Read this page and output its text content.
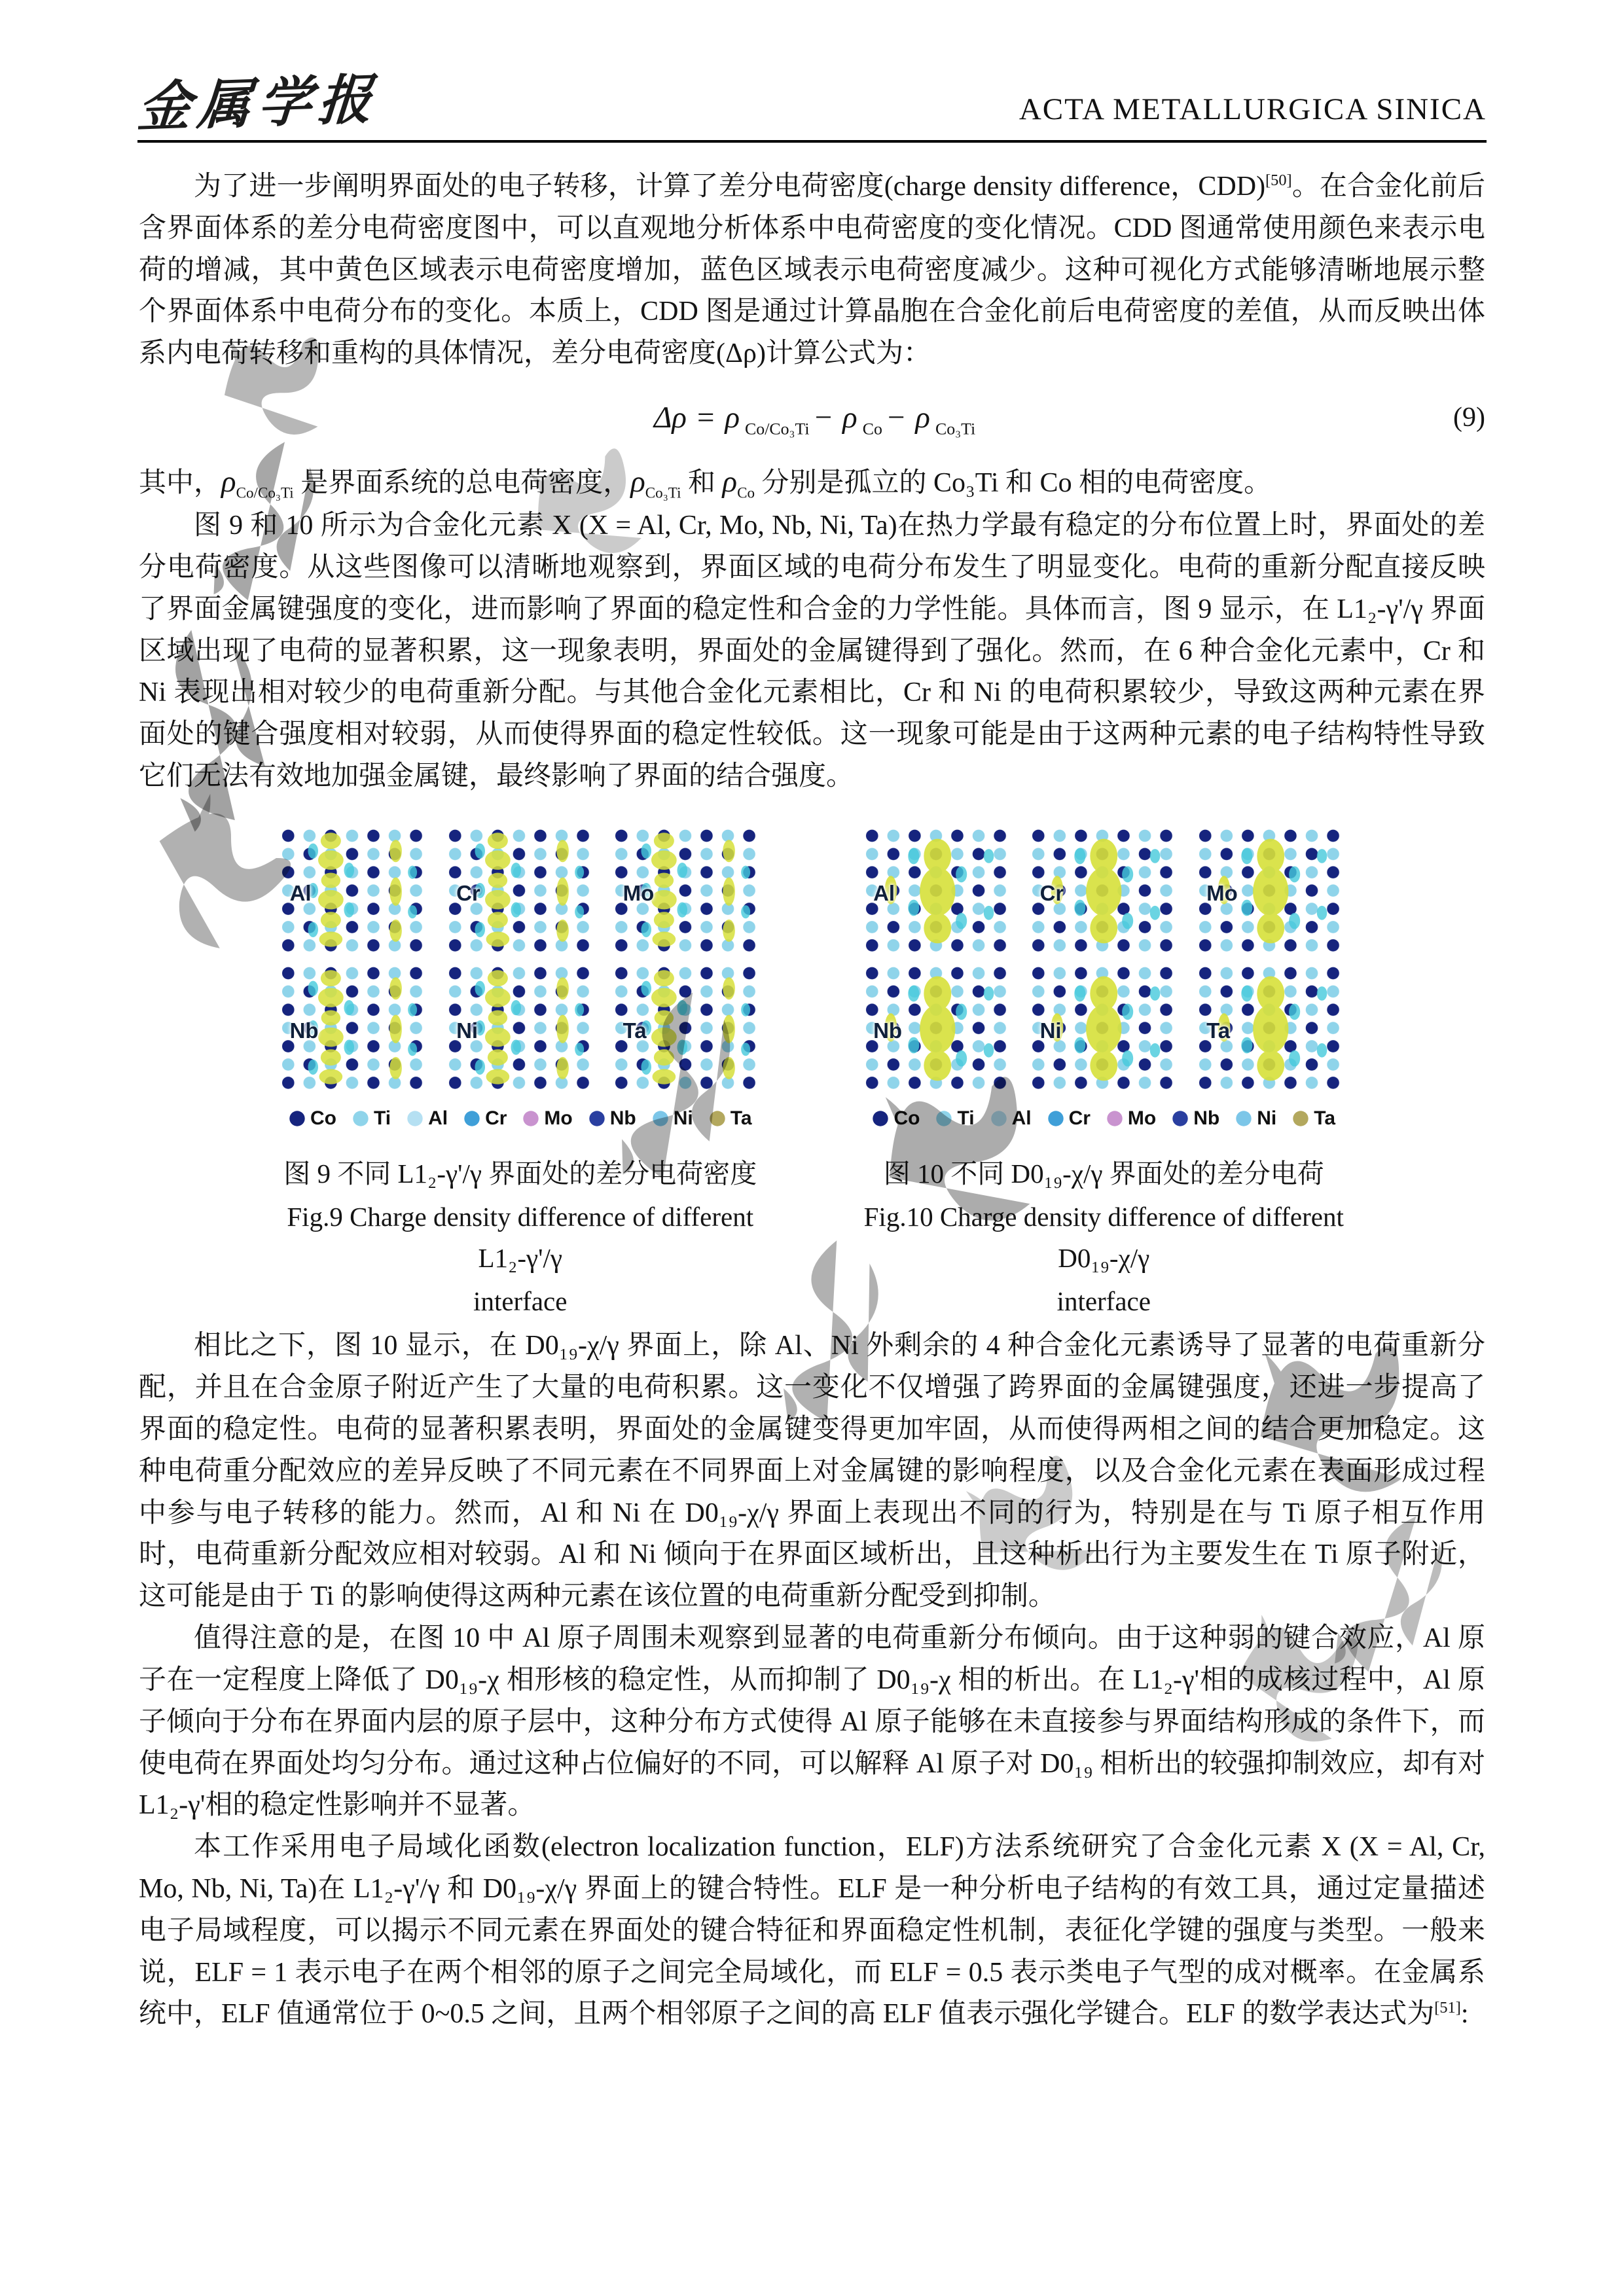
金属学报	ACTA METALLURGICA SINICA

为了进一步阐明界面处的电子转移，计算了差分电荷密度(charge density difference，CDD)[50]。在合金化前后含界面体系的差分电荷密度图中，可以直观地分析体系中电荷密度的变化情况。CDD 图通常使用颜色来表示电荷的增减，其中黄色区域表示电荷密度增加，蓝色区域表示电荷密度减少。这种可视化方式能够清晰地展示整个界面体系中电荷分布的变化。本质上，CDD 图是通过计算晶胞在合金化前后电荷密度的差值，从而反映出体系内电荷转移和重构的具体情况，差分电荷密度(Δρ)计算公式为：

Δρ = ρ $_{Co/Co_3Ti}$ − ρ $_{Co}$ − ρ $_{Co_3Ti}$	(9)

其中，$\rho_{Co/Co_3Ti}$ 是界面系统的总电荷密度，$\rho_{Co_3Ti}$ 和 $\rho_{Co}$ 分别是孤立的 Co₃Ti 和 Co 相的电荷密度。

图 9 和 10 所示为合金化元素 X (X = Al, Cr, Mo, Nb, Ni, Ta)在热力学最有稳定的分布位置上时，界面处的差分电荷密度。从这些图像可以清晰地观察到，界面区域的电荷分布发生了明显变化。电荷的重新分配直接反映了界面金属键强度的变化，进而影响了界面的稳定性和合金的力学性能。具体而言，图 9 显示，在 L1₂-γ'/γ 界面区域出现了电荷的显著积累，这一现象表明，界面处的金属键得到了强化。然而，在 6 种合金化元素中，Cr 和 Ni 表现出相对较少的电荷重新分配。与其他合金化元素相比，Cr 和 Ni 的电荷积累较少，导致这两种元素在界面处的键合强度相对较弱，从而使得界面的稳定性较低。这一现象可能是由于这两种元素的电子结构特性导致它们无法有效地加强金属键，最终影响了界面的结合强度。

Al	Cr	Mo
Nb	Ni	Ta
Co Ti Al Cr Mo Nb Ni Ta
图 9 不同 L1₂-γ'/γ 界面处的差分电荷密度
Fig.9 Charge density difference of different L1₂-γ'/γ
interface
Al	Cr	Mo
Nb	Ni	Ta
Co Ti Al Cr Mo Nb Ni Ta
图 10 不同 D0₁₉-χ/γ 界面处的差分电荷
Fig.10 Charge density difference of different D0₁₉-χ/γ
interface

相比之下，图 10 显示，在 D0₁₉-χ/γ 界面上，除 Al、Ni 外剩余的 4 种合金化元素诱导了显著的电荷重新分配，并且在合金原子附近产生了大量的电荷积累。这一变化不仅增强了跨界面的金属键强度，还进一步提高了界面的稳定性。电荷的显著积累表明，界面处的金属键变得更加牢固，从而使得两相之间的结合更加稳定。这种电荷重分配效应的差异反映了不同元素在不同界面上对金属键的影响程度，以及合金化元素在表面形成过程中参与电子转移的能力。然而，Al 和 Ni 在 D0₁₉-χ/γ 界面上表现出不同的行为，特别是在与 Ti 原子相互作用时，电荷重新分配效应相对较弱。Al 和 Ni 倾向于在界面区域析出，且这种析出行为主要发生在 Ti 原子附近，这可能是由于 Ti 的影响使得这两种元素在该位置的电荷重新分配受到抑制。

值得注意的是，在图 10 中 Al 原子周围未观察到显著的电荷重新分布倾向。由于这种弱的键合效应，Al 原子在一定程度上降低了 D0₁₉-χ 相形核的稳定性，从而抑制了 D0₁₉-χ 相的析出。在 L1₂-γ'相的成核过程中，Al 原子倾向于分布在界面内层的原子层中，这种分布方式使得 Al 原子能够在未直接参与界面结构形成的条件下，而使电荷在界面处均匀分布。通过这种占位偏好的不同，可以解释 Al 原子对 D0₁₉ 相析出的较强抑制效应，却有对 L1₂-γ'相的稳定性影响并不显著。

本工作采用电子局域化函数(electron localization function，ELF)方法系统研究了合金化元素 X (X = Al, Cr, Mo, Nb, Ni, Ta)在 L1₂-γ'/γ 和 D0₁₉-χ/γ 界面上的键合特性。ELF 是一种分析电子结构的有效工具，通过定量描述电子局域程度，可以揭示不同元素在界面处的键合特征和界面稳定性机制，表征化学键的强度与类型。一般来说，ELF = 1 表示电子在两个相邻的原子之间完全局域化，而 ELF = 0.5 表示类电子气型的成对概率。在金属系统中，ELF 值通常位于 0~0.5 之间，且两个相邻原子之间的高 ELF 值表示强化学键合。ELF 的数学表达式为[51]:
